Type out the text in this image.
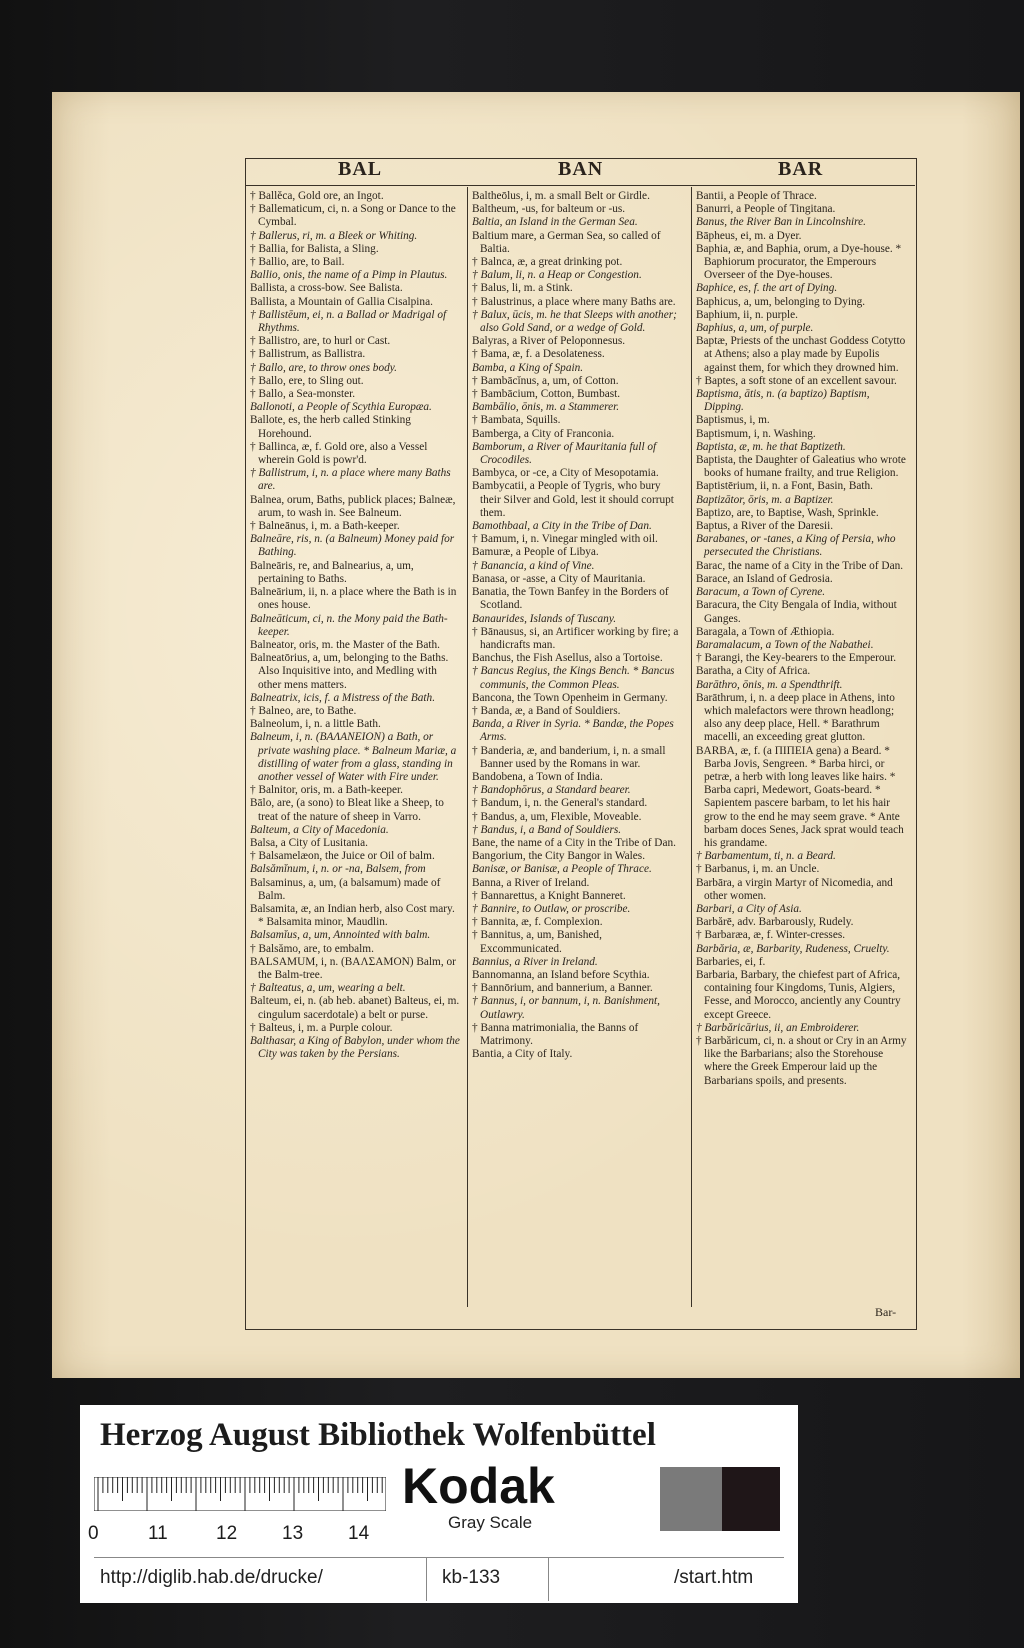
BAL	BAN	BAR

† Ballĕca, Gold ore, an Ingot.

† Ballematicum, ci, n. a Song or Dance to the Cymbal.

† Ballerus, ri, m. a Bleek or Whiting.

† Ballia, for Balista, a Sling.

† Ballio, are, to Bail.

Ballio, onis, the name of a Pimp in Plautus.

Ballista, a cross-bow. See Balista.

Ballista, a Mountain of Gallia Cisalpina.

† Ballistēum, ei, n. a Ballad or Madrigal of Rhythms.

† Ballistro, are, to hurl or Cast.

† Ballistrum, as Ballistra.

† Ballo, are, to throw ones body.

† Ballo, ere, to Sling out.

† Ballo, a Sea-monster.

Ballonoti, a People of Scythia Europæa.

Ballote, es, the herb called Stinking Horehound.

† Ballinca, æ, f. Gold ore, also a Vessel wherein Gold is powr'd.

† Ballistrum, i, n. a place where many Baths are.

Balnea, orum, Baths, publick places; Balneæ, arum, to wash in. See Balneum.

† Balneānus, i, m. a Bath-keeper.

Balneāre, ris, n. (a Balneum) Money paid for Bathing.

Balneāris, re, and Balnearius, a, um, pertaining to Baths.

Balneārium, ii, n. a place where the Bath is in ones house.

Balneāticum, ci, n. the Mony paid the Bath-keeper.

Balneator, oris, m. the Master of the Bath.

Balneatōrius, a, um, belonging to the Baths. Also Inquisitive into, and Medling with other mens matters.

Balneatrix, icis, f. a Mistress of the Bath.

† Balneo, are, to Bathe.

Balneolum, i, n. a little Bath.

Balneum, i, n. (ΒΑΛΑΝΕΙΟΝ) a Bath, or private washing place. * Balneum Mariæ, a distilling of water from a glass, standing in another vessel of Water with Fire under.

† Balnitor, oris, m. a Bath-keeper.

Bālo, are, (a sono) to Bleat like a Sheep, to treat of the nature of sheep in Varro.

Balteum, a City of Macedonia.

Balsa, a City of Lusitania.

† Balsamelæon, the Juice or Oil of balm.

Balsămĭnum, i, n. or -na, Balsem, from

Balsaminus, a, um, (a balsamum) made of Balm.

Balsamita, æ, an Indian herb, also Cost mary. * Balsamita minor, Maudlin.

Balsamĭus, a, um, Annointed with balm.

† Balsămo, are, to embalm.

BALSAMUM, i, n. (ΒΑΛΣΑΜΟΝ) Balm, or the Balm-tree.

† Balteatus, a, um, wearing a belt.

Balteum, ei, n. (ab heb. abanet) Balteus, ei, m. cingulum sacerdotale) a belt or purse.

† Balteus, i, m. a Purple colour.

Balthasar, a King of Babylon, under whom the City was taken by the Persians.

Baltheōlus, i, m. a small Belt or Girdle.

Baltheum, -us, for balteum or -us.

Baltia, an Island in the German Sea.

Baltium mare, a German Sea, so called of Baltia.

† Balnca, æ, a great drinking pot.

† Balum, li, n. a Heap or Congestion.

† Balus, li, m. a Stink.

† Balustrinus, a place where many Baths are.

† Balux, ūcis, m. he that Sleeps with another; also Gold Sand, or a wedge of Gold.

Balyras, a River of Peloponnesus.

† Bama, æ, f. a Desolateness.

Bamba, a King of Spain.

† Bambācĭnus, a, um, of Cotton.

† Bambācium, Cotton, Bumbast.

Bambālio, ōnis, m. a Stammerer.

† Bambata, Squills.

Bamberga, a City of Franconia.

Bamborum, a River of Mauritania full of Crocodiles.

Bambyca, or -ce, a City of Mesopotamia.

Bambycatii, a People of Tygris, who bury their Silver and Gold, lest it should corrupt them.

Bamothbaal, a City in the Tribe of Dan.

† Bamum, i, n. Vinegar mingled with oil.

Bamuræ, a People of Libya.

† Banancia, a kind of Vine.

Banasa, or -asse, a City of Mauritania.

Banatia, the Town Banfey in the Borders of Scotland.

Banaurides, Islands of Tuscany.

† Bānausus, si, an Artificer working by fire; a handicrafts man.

Banchus, the Fish Asellus, also a Tortoise.

† Bancus Regius, the Kings Bench. * Bancus communis, the Common Pleas.

Bancona, the Town Openheim in Germany.

† Banda, æ, a Band of Souldiers.

Banda, a River in Syria. * Bandæ, the Popes Arms.

† Banderia, æ, and banderium, i, n. a small Banner used by the Romans in war.

Bandobena, a Town of India.

† Bandophōrus, a Standard bearer.

† Bandum, i, n. the General's standard.

† Bandus, a, um, Flexible, Moveable.

† Bandus, i, a Band of Souldiers.

Bane, the name of a City in the Tribe of Dan.

Bangorium, the City Bangor in Wales.

Banisæ, or Banisæ, a People of Thrace.

Banna, a River of Ireland.

† Bannarettus, a Knight Banneret.

† Bannire, to Outlaw, or proscribe.

† Bannita, æ, f. Complexion.

† Bannitus, a, um, Banished, Excommunicated.

Bannius, a River in Ireland.

Bannomanna, an Island before Scythia.

† Bannōrium, and bannerium, a Banner.

† Bannus, i, or bannum, i, n. Banishment, Outlawry.

† Banna matrimonialia, the Banns of Matrimony.

Bantia, a City of Italy.

Bantii, a People of Thrace.

Banurri, a People of Tingitana.

Banus, the River Ban in Lincolnshire.

Bāpheus, ei, m. a Dyer.

Baphia, æ, and Baphia, orum, a Dye-house. * Baphiorum procurator, the Emperours Overseer of the Dye-houses.

Baphice, es, f. the art of Dying.

Baphicus, a, um, belonging to Dying.

Baphium, ii, n. purple.

Baphius, a, um, of purple.

Baptæ, Priests of the unchast Goddess Cotytto at Athens; also a play made by Eupolis against them, for which they drowned him.

† Baptes, a soft stone of an excellent savour.

Baptisma, ātis, n. (a baptizo) Baptism, Dipping.

Baptismus, i, m.

Baptismum, i, n. Washing.

Baptista, æ, m. he that Baptizeth.

Baptista, the Daughter of Galeatius who wrote books of humane frailty, and true Religion.

Baptistērium, ii, n. a Font, Basin, Bath.

Baptizātor, ōris, m. a Baptizer.

Baptizo, are, to Baptise, Wash, Sprinkle.

Baptus, a River of the Daresii.

Barabanes, or -tanes, a King of Persia, who persecuted the Christians.

Barac, the name of a City in the Tribe of Dan.

Barace, an Island of Gedrosia.

Baracum, a Town of Cyrene.

Baracura, the City Bengala of India, without Ganges.

Baragala, a Town of Æthiopia.

Baramalacum, a Town of the Nabathei.

† Barangi, the Key-bearers to the Emperour.

Baratha, a City of Africa.

Barāthro, ōnis, m. a Spendthrift.

Barāthrum, i, n. a deep place in Athens, into which malefactors were thrown headlong; also any deep place, Hell. * Barathrum macelli, an exceeding great glutton.

BARBA, æ, f. (a ΠΙΠΕΙΑ gena) a Beard. * Barba Jovis, Sengreen. * Barba hirci, or petræ, a herb with long leaves like hairs. * Barba capri, Medewort, Goats-beard. * Sapientem pascere barbam, to let his hair grow to the end he may seem grave. * Ante barbam doces Senes, Jack sprat would teach his grandame.

† Barbamentum, ti, n. a Beard.

† Barbanus, i, m. an Uncle.

Barbāra, a virgin Martyr of Nicomedia, and other women.

Barbari, a City of Asia.

Barbărē, adv. Barbarously, Rudely.

† Barbaræa, æ, f. Winter-cresses.

Barbăria, æ, Barbarity, Rudeness, Cruelty.

Barbaries, ei, f.

Barbaria, Barbary, the chiefest part of Africa, containing four Kingdoms, Tunis, Algiers, Fesse, and Morocco, anciently any Country except Greece.

† Barbăricārius, ii, an Embroiderer.

† Barbăricum, ci, n. a shout or Cry in an Army like the Barbarians; also the Storehouse where the Greek Emperour laid up the Barbarians spoils, and presents.

Bar-
Herzog August Bibliothek Wolfenbüttel
0	11	12 13 14
Kodak
Gray Scale
http://diglib.hab.de/drucke/	kb-133	/start.htm
